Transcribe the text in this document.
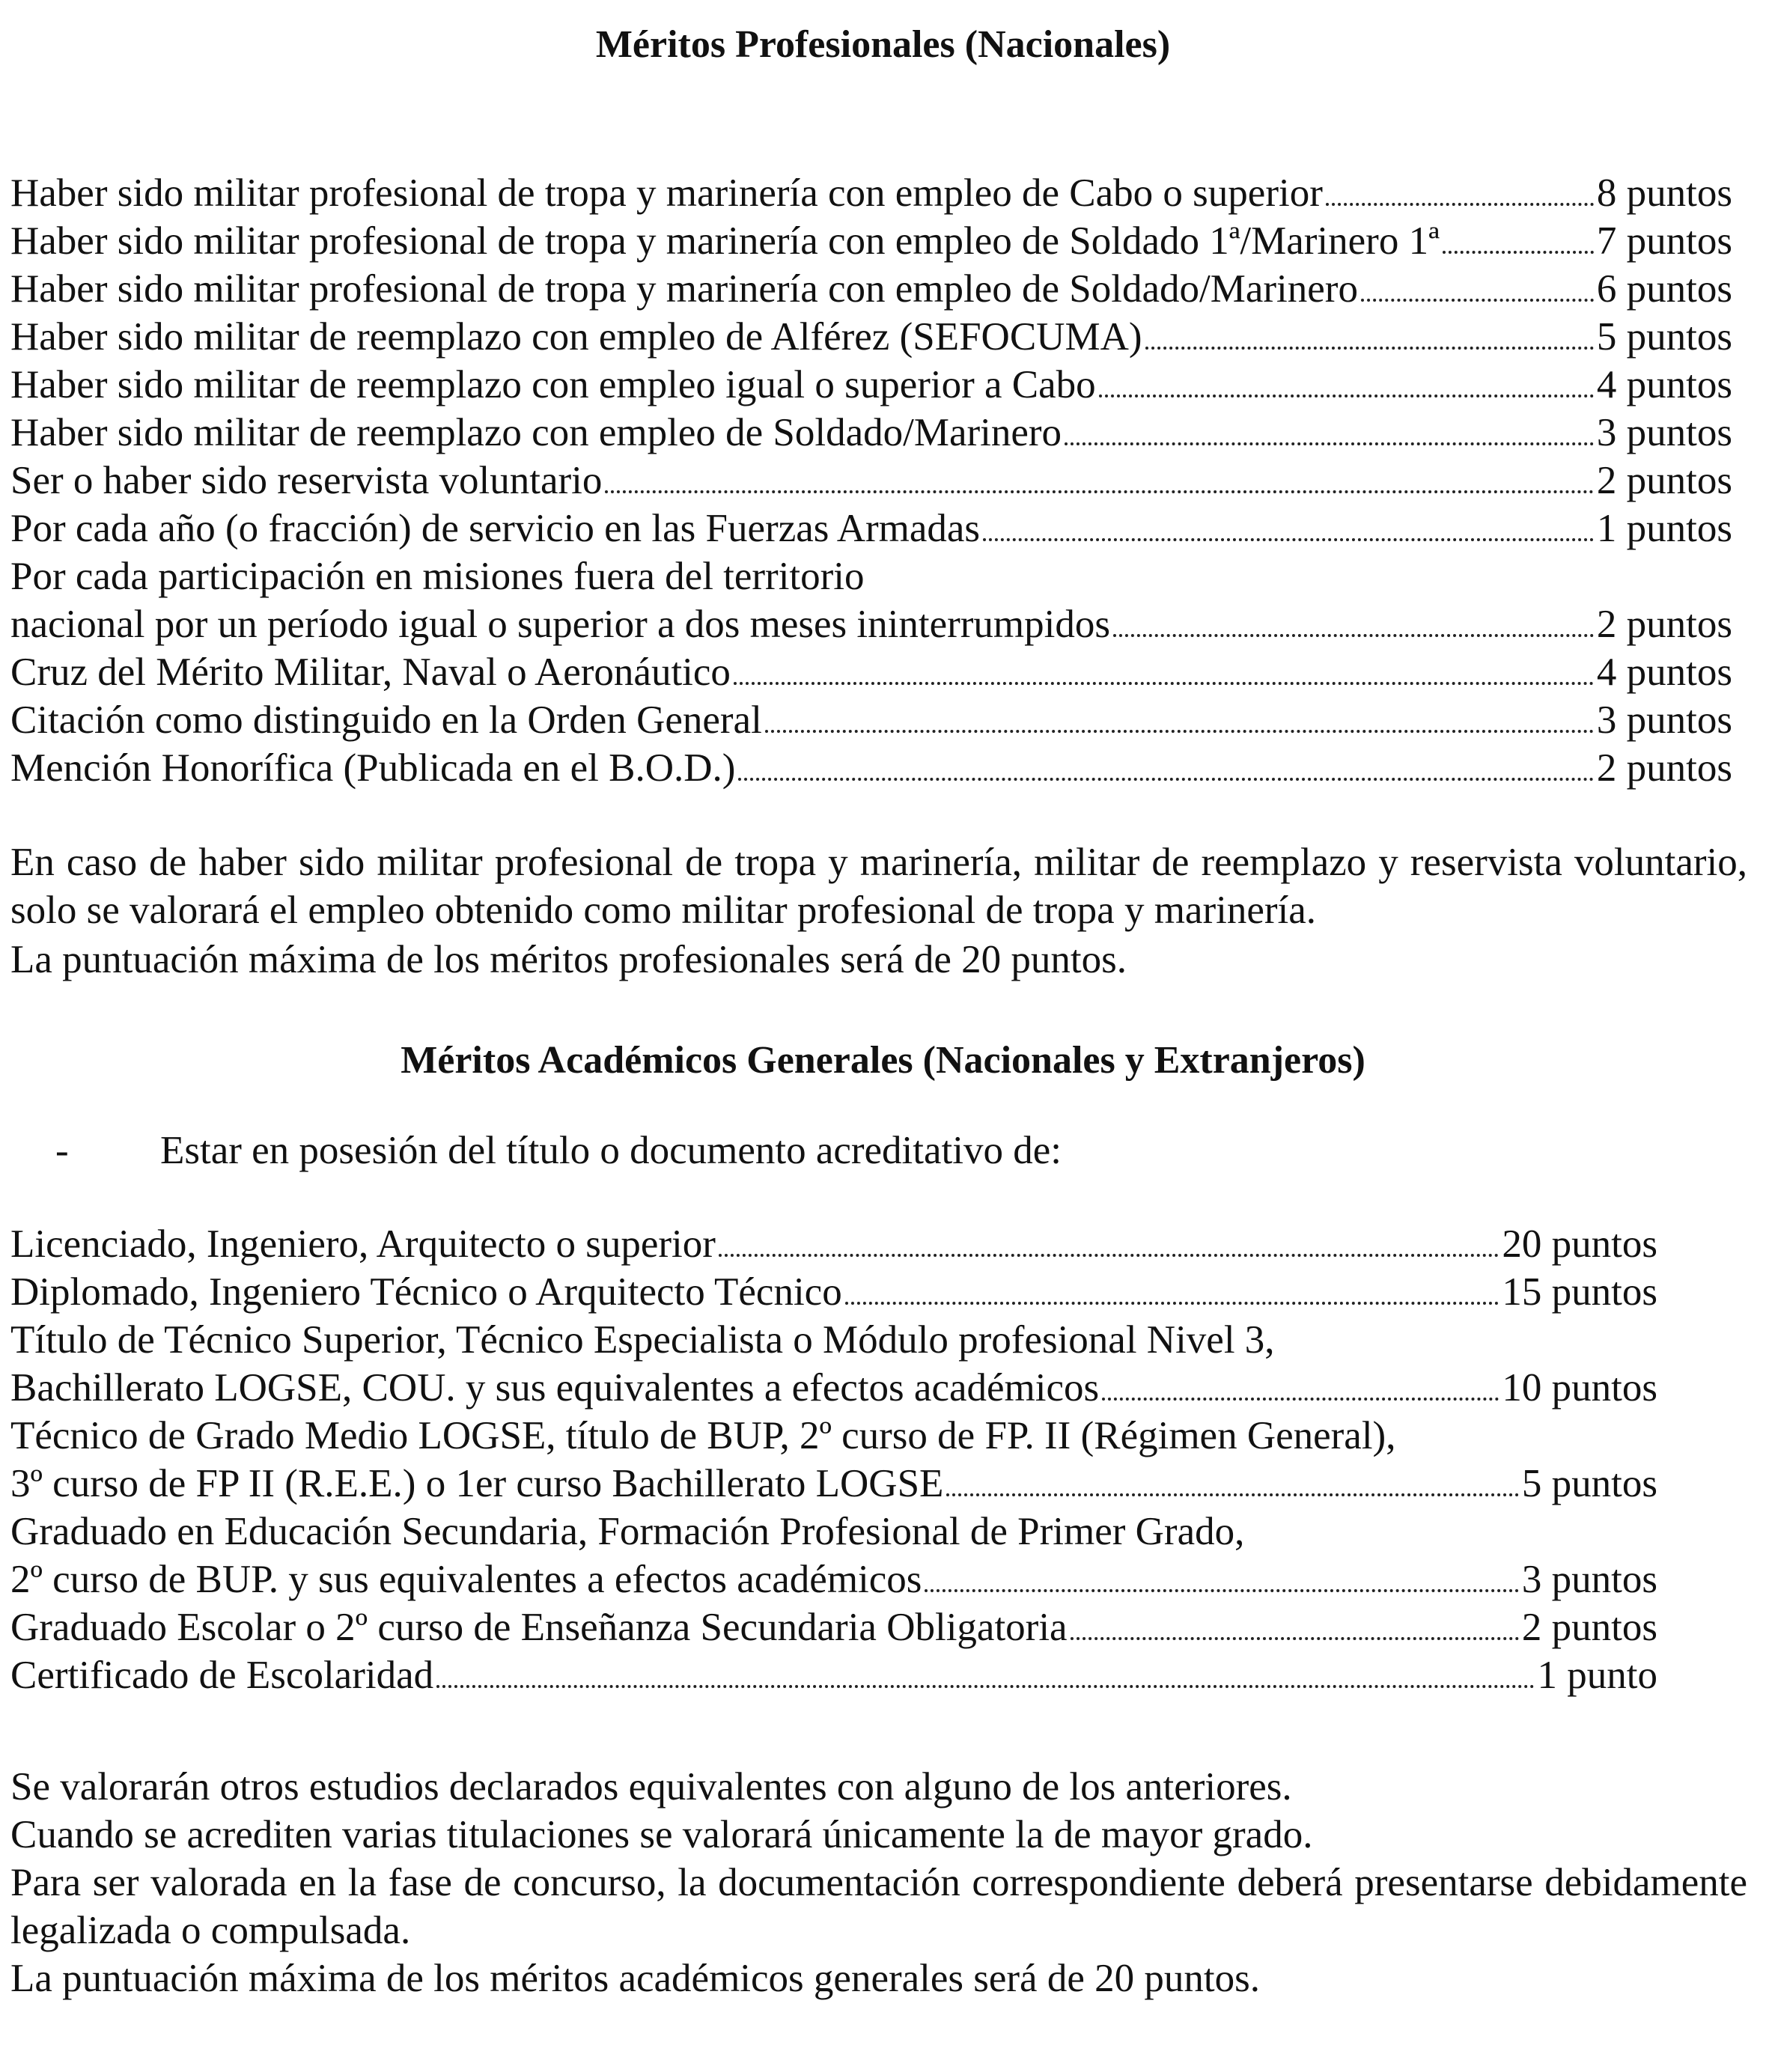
Méritos Profesionales (Nacionales)
Haber sido militar profesional de tropa y marinería con empleo de Cabo o superior	8 puntos
Haber sido militar profesional de tropa y marinería con empleo de Soldado 1ª/Marinero 1ª	7 puntos
Haber sido militar profesional de tropa y marinería con empleo de Soldado/Marinero	6 puntos
Haber sido militar de reemplazo con empleo de Alférez (SEFOCUMA)	5 puntos
Haber sido militar de reemplazo con empleo igual o superior a Cabo	4 puntos
Haber sido militar de reemplazo con empleo de Soldado/Marinero	3 puntos
Ser o haber sido reservista voluntario	2 puntos
Por cada año (o fracción) de servicio en las Fuerzas Armadas	1 puntos
Por cada participación en misiones fuera del territorio
nacional por un período igual o superior a dos meses ininterrumpidos	2 puntos
Cruz del Mérito Militar, Naval o Aeronáutico	4 puntos
Citación como distinguido en la Orden General	3 puntos
Mención Honorífica (Publicada en el B.O.D.)	2 puntos
En caso de haber sido militar profesional de tropa y marinería, militar de reemplazo y reservista voluntario, solo se valorará el empleo obtenido como militar profesional de tropa y marinería.
La puntuación máxima de los méritos profesionales será de 20 puntos.
Méritos Académicos Generales (Nacionales y Extranjeros)
-	Estar en posesión del título o documento acreditativo de:
Licenciado, Ingeniero, Arquitecto o superior	20 puntos
Diplomado, Ingeniero Técnico o Arquitecto Técnico	15 puntos
Título de Técnico Superior, Técnico Especialista o Módulo profesional Nivel 3,
Bachillerato LOGSE, COU. y sus equivalentes a efectos académicos	10 puntos
Técnico de Grado Medio LOGSE, título de BUP, 2º curso de FP. II (Régimen General),
3º curso de FP II (R.E.E.) o 1er curso Bachillerato LOGSE	5 puntos
Graduado en Educación Secundaria, Formación Profesional de Primer Grado,
2º curso de BUP. y sus equivalentes a efectos académicos	3 puntos
Graduado Escolar o 2º curso de Enseñanza Secundaria Obligatoria	2 puntos
Certificado de Escolaridad	1 punto
Se valorarán otros estudios declarados equivalentes con alguno de los anteriores.
Cuando se acrediten varias titulaciones se valorará únicamente la de mayor grado.
Para ser valorada en la fase de concurso, la documentación correspondiente deberá presentarse debidamente legalizada o compulsada.
La puntuación máxima de los méritos académicos generales será de 20 puntos.
